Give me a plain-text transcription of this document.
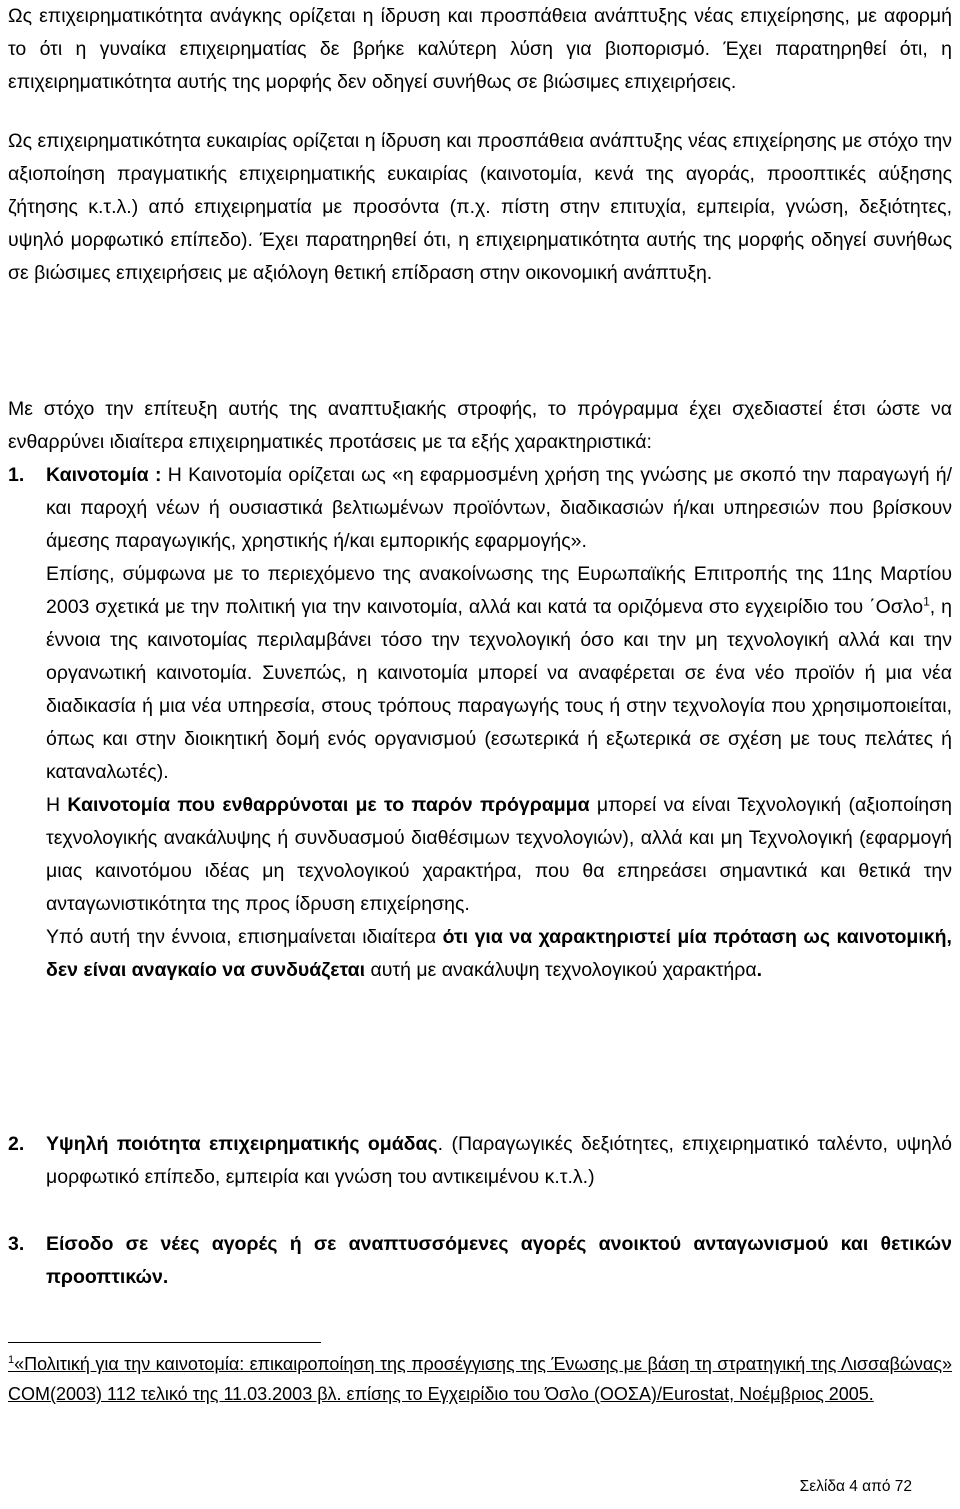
Ως επιχειρηματικότητα ανάγκης ορίζεται η ίδρυση και προσπάθεια ανάπτυξης νέας επιχείρησης, με αφορμή το ότι η γυναίκα επιχειρηματίας δε βρήκε καλύτερη λύση για βιοπορισμό. Έχει παρατηρηθεί ότι, η επιχειρηματικότητα αυτής της μορφής δεν οδηγεί συνήθως σε βιώσιμες επιχειρήσεις.

Ως επιχειρηματικότητα ευκαιρίας ορίζεται η ίδρυση και προσπάθεια ανάπτυξης νέας επιχείρησης με στόχο την αξιοποίηση πραγματικής επιχειρηματικής ευκαιρίας (καινοτομία, κενά της αγοράς, προοπτικές αύξησης ζήτησης κ.τ.λ.) από επιχειρηματία με προσόντα (π.χ. πίστη στην επιτυχία, εμπειρία, γνώση, δεξιότητες, υψηλό μορφωτικό επίπεδο). Έχει παρατηρηθεί ότι, η επιχειρηματικότητα αυτής της μορφής οδηγεί συνήθως σε βιώσιμες επιχειρήσεις με αξιόλογη θετική επίδραση στην οικονομική ανάπτυξη.

Με στόχο την επίτευξη αυτής της αναπτυξιακής στροφής, το πρόγραμμα έχει σχεδιαστεί έτσι ώστε να ενθαρρύνει ιδιαίτερα επιχειρηματικές προτάσεις με τα εξής χαρακτηριστικά:

1.	Καινοτομία : Η Καινοτομία ορίζεται ως «η εφαρμοσμένη χρήση της γνώσης με σκοπό την παραγωγή ή/και παροχή νέων ή ουσιαστικά βελτιωμένων προϊόντων, διαδικασιών ή/και υπηρεσιών που βρίσκουν άμεσης παραγωγικής, χρηστικής ή/και εμπορικής εφαρμογής».

Επίσης, σύμφωνα με το περιεχόμενο της ανακοίνωσης της Ευρωπαϊκής Επιτροπής της 11ης Μαρτίου 2003 σχετικά με την πολιτική για την καινοτομία, αλλά και κατά τα οριζόμενα στο εγχειρίδιο του ΄Οσλο$^1$, η έννοια της καινοτομίας περιλαμβάνει τόσο την τεχνολογική όσο και την μη τεχνολογική αλλά και την οργανωτική καινοτομία. Συνεπώς, η καινοτομία μπορεί να αναφέρεται σε ένα νέο προϊόν ή μια νέα διαδικασία ή μια νέα υπηρεσία, στους τρόπους παραγωγής τους ή στην τεχνολογία που χρησιμοποιείται, όπως και στην διοικητική δομή ενός οργανισμού (εσωτερικά ή εξωτερικά σε σχέση με τους πελάτες ή καταναλωτές).

Η Καινοτομία που ενθαρρύνοται με το παρόν πρόγραμμα μπορεί να είναι Τεχνολογική (αξιοποίηση τεχνολογικής ανακάλυψης ή συνδυασμού διαθέσιμων τεχνολογιών), αλλά και μη Τεχνολογική (εφαρμογή μιας καινοτόμου ιδέας μη τεχνολογικού χαρακτήρα, που θα επηρεάσει σημαντικά και θετικά την ανταγωνιστικότητα της προς ίδρυση επιχείρησης.

Υπό αυτή την έννοια, επισημαίνεται ιδιαίτερα ότι για να χαρακτηριστεί μία πρόταση ως καινοτομική, δεν είναι αναγκαίο να συνδυάζεται αυτή με ανακάλυψη τεχνολογικού χαρακτήρα.

2.	Υψηλή ποιότητα επιχειρηματικής ομάδας. (Παραγωγικές δεξιότητες, επιχειρηματικό ταλέντο, υψηλό μορφωτικό επίπεδο, εμπειρία και γνώση του αντικειμένου κ.τ.λ.)

3.	Είσοδο σε νέες αγορές ή σε αναπτυσσόμενες αγορές ανοικτού ανταγωνισμού και θετικών προοπτικών.

$^1$«Πολιτική για την καινοτομία: επικαιροποίηση της προσέγγισης της Ένωσης με βάση τη στρατηγική της Λισσαβώνας» COM(2003) 112 τελικό της 11.03.2003 βλ. επίσης το Εγχειρίδιο του Όσλο (ΟΟΣΑ)/Eurostat, Νοέμβριος 2005.

Σελίδα 4 από 72
